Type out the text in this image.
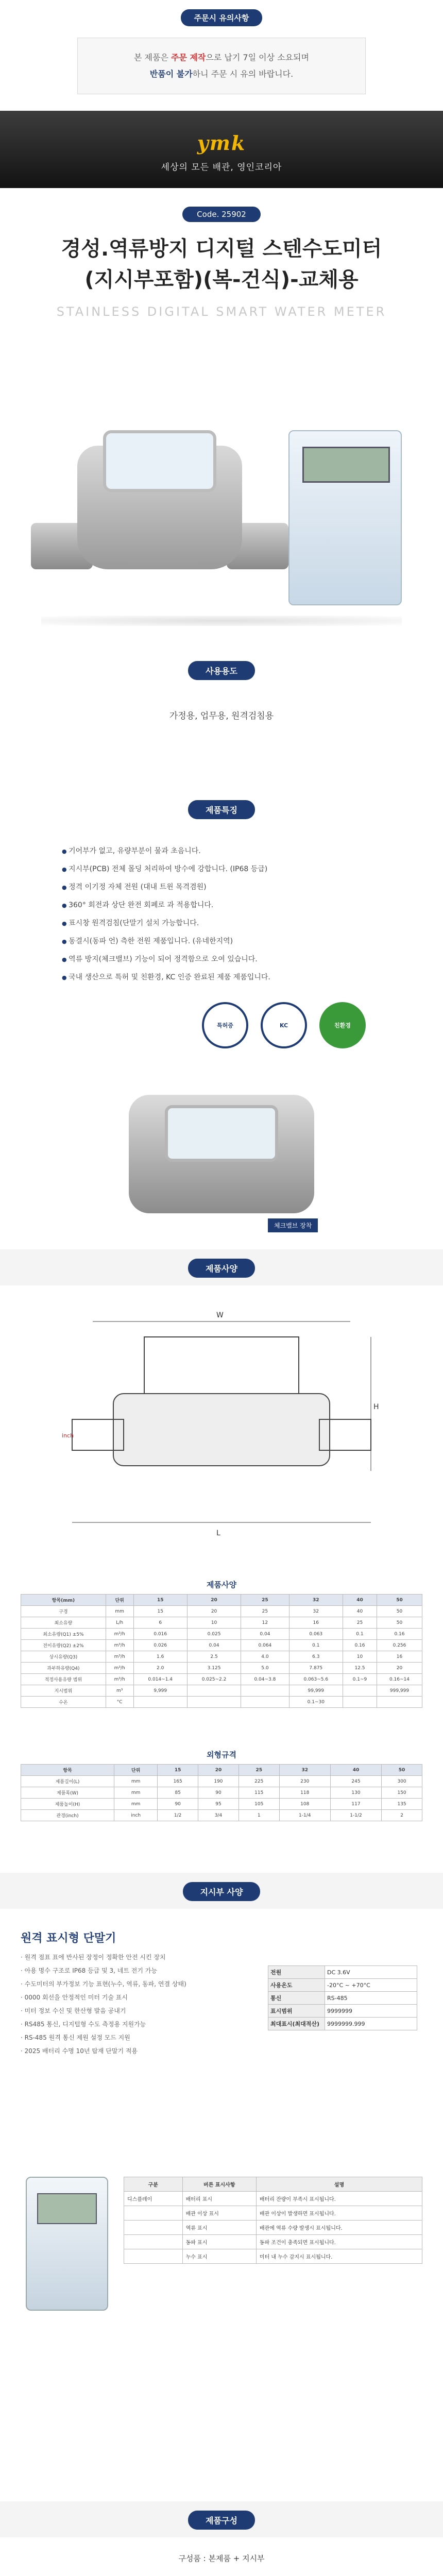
주문시 유의사항
본 제품은 주문 제작으로 납기 7일 이상 소요되며
반품이 불가하니 주문 시 유의 바랍니다.
ymk
세상의 모든 배관, 영인코리아
Code. 25902
경성.역류방지 디지털 스텐수도미터
(지시부포함)(복-건식)-교체용
STAINLESS DIGITAL SMART WATER METER
사용용도
가정용, 업무용, 원격검침용
제품특징
● 기어부가 없고, 유량부분이 물과 초음니다.
● 지시부(PCB) 전체 몰딩 처리하여 방수에 강합니다. (IP68 등급)
● 정격 이기정 자체 전원 (대내 트윈 목격겸원)
● 360° 회전과 상단 완전 회폐로 과 적용합니다.
● 표시창 원격검침(단말기 설치 가능합니다.
● 동결시(동파 언) 측한 전원 제품입니다. (유네한지역)
● 역류 방지(체크밸브) 기능이 되어 정격함으로 오여 있습니다.
● 국내 생산으로 특허 및 친환경, KC 인증 완료된 제품 제품입니다.
특허증	KC	친환경
체크밸브 장착
제품사양
W
H
L
inch
제품사양
항목(mm)	단위	15	20	25	32	40	50
구경	mm	15	20	25	32	40	50
최소유량	L/h	6	10	12	16	25	50
최소유량(Q1) ±5%	m³/h	0.016	0.025	0.04	0.063	0.1	0.16
전이유량(Q2) ±2%	m³/h	0.026	0.04	0.064	0.1	0.16	0.256
상시유량(Q3)	m³/h	1.6	2.5	4.0	6.3	10	16
과부하유량(Q4)	m³/h	2.0	3.125	5.0	7.875	12.5	20
적정사용유량 범위	m³/h	0.014~1.4	0.025~2.2	0.04~3.8	0.063~5.6	0.1~9	0.16~14
지시범위	m³	9,999			99,999		999,999
수온	°C				0.1~30		
외형규격
항목	단위	15	20	25	32	40	50
제품길이(L)	mm	165	190	225	230	245	300
제품폭(W)	mm	85	90	115	118	130	150
제품높이(H)	mm	90	95	105	108	117	135
관경(inch)	inch	1/2	3/4	1	1-1/4	1-1/2	2
지시부 사양
원격 표시형 단말기
· 원격 점표 표에 반사된 장정이 정확한 안전 시킨 장치
· 아용 명수 구조로 IP68 등급 및 3, 네트 전기 가능
· 수도미터의 부가정보 기능 표현(누수, 역류, 동파, 연결 상태)
· 0000 회선을 안정적인 미터 기술 표시
· 미터 정보 수신 및 한산형 발음 공내기
· RS485 통신, 디지털형 수도 측정용 지원가능
· RS-485 원격 통신 제원 설정 모드 지원
· 2025 배터리 수명 10년 탑재 단말기 적용
전원	DC 3.6V
사용온도	-20°C ~ +70°C
통신	RS-485
표시범위	9999999
최대표시(최대적산)	9999999.999
구분	버튼 표시사항	설명
디스플레이	배터리 표시	배터리 잔량이 부족시 표시됩니다.
	배관 이상 표시	배관 이상이 발생하면 표시됩니다.
	역류 표시	배관에 역류 수량 발생시 표시됩니다.
	동파 표시	동파 조건이 충족되면 표시됩니다.
	누수 표시	미터 내 누수 감지시 표시됩니다.
제품구성
구성품 : 본제품 + 지시부
